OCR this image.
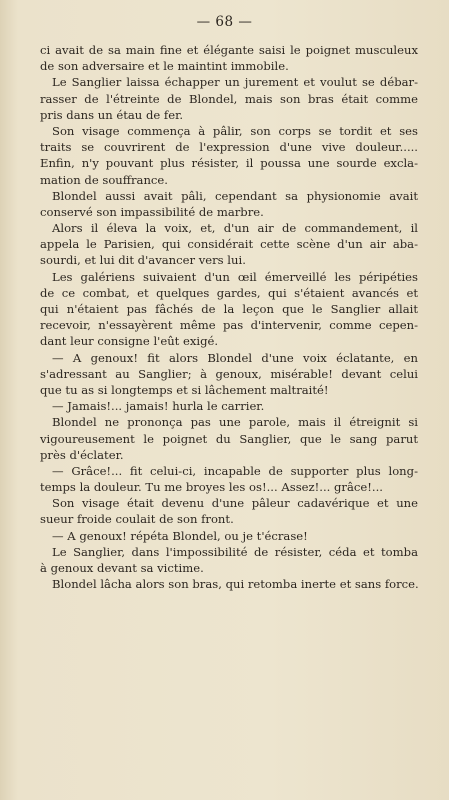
— 68 —
ci avait de sa main fine et élégante saisi le poignet musculeux
de son adversaire et le maintint immobile.
Le Sanglier laissa échapper un jurement et voulut se débar-
rasser de l'étreinte de Blondel, mais son bras était comme
pris dans un étau de fer.
Son visage commença à pâlir, son corps se tordit et ses
traits se couvrirent de l'expression d'une vive douleur.....
Enfin, n'y pouvant plus résister, il poussa une sourde excla-
mation de souffrance.
Blondel aussi avait pâli, cependant sa physionomie avait
conservé son impassibilité de marbre.
Alors il éleva la voix, et, d'un air de commandement, il
appela le Parisien, qui considérait cette scène d'un air aba-
sourdi, et lui dit d'avancer vers lui.
Les galériens suivaient d'un œil émerveillé les péripéties
de ce combat, et quelques gardes, qui s'étaient avancés et
qui n'étaient pas fâchés de la leçon que le Sanglier allait
recevoir, n'essayèrent même pas d'intervenir, comme cepen-
dant leur consigne l'eût exigé.
— A genoux! fit alors Blondel d'une voix éclatante, en
s'adressant au Sanglier; à genoux, misérable! devant celui
que tu as si longtemps et si lâchement maltraité!
— Jamais!... jamais! hurla le carrier.
Blondel ne prononça pas une parole, mais il étreignit si
vigoureusement le poignet du Sanglier, que le sang parut
près d'éclater.
— Grâce!... fit celui-ci, incapable de supporter plus long-
temps la douleur. Tu me broyes les os!... Assez!... grâce!...
Son visage était devenu d'une pâleur cadavérique et une
sueur froide coulait de son front.
— A genoux! répéta Blondel, ou je t'écrase!
Le Sanglier, dans l'impossibilité de résister, céda et tomba
à genoux devant sa victime.
Blondel lâcha alors son bras, qui retomba inerte et sans force.
